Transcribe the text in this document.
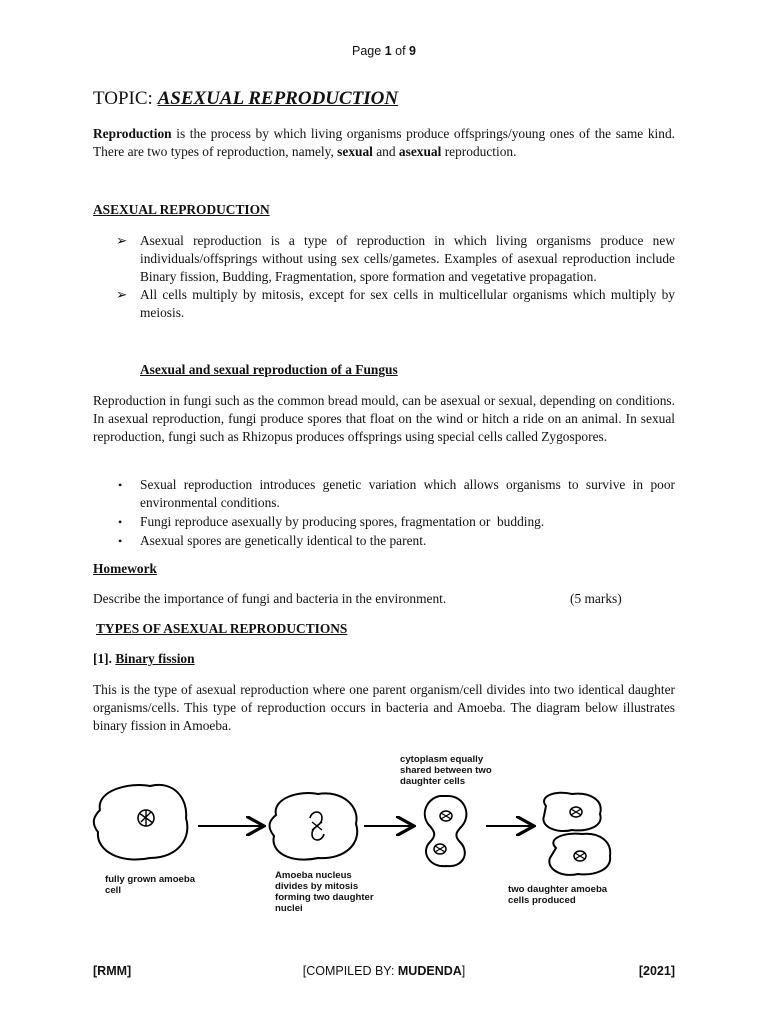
Page 1 of 9
TOPIC: ASEXUAL REPRODUCTION

Reproduction is the process by which living organisms produce offsprings/young ones of the same kind. There are two types of reproduction, namely, sexual and asexual reproduction.

ASEXUAL REPRODUCTION
➢ Asexual reproduction is a type of reproduction in which living organisms produce new individuals/offsprings without using sex cells/gametes. Examples of asexual reproduction include Binary fission, Budding, Fragmentation, spore formation and vegetative propagation.
➢ All cells multiply by mitosis, except for sex cells in multicellular organisms which multiply by meiosis.
Asexual and sexual reproduction of a Fungus

Reproduction in fungi such as the common bread mould, can be asexual or sexual, depending on conditions. In asexual reproduction, fungi produce spores that float on the wind or hitch a ride on an animal. In sexual reproduction, fungi such as Rhizopus produces offsprings using special cells called Zygospores.

• Sexual reproduction introduces genetic variation which allows organisms to survive in poor environmental conditions.
• Fungi reproduce asexually by producing spores, fragmentation or  budding.
• Asexual spores are genetically identical to the parent.
Homework
Describe the importance of fungi and bacteria in the environment.	(5 marks)
TYPES OF ASEXUAL REPRODUCTIONS
[1]. Binary fission

This is the type of asexual reproduction where one parent organism/cell divides into two identical daughter organisms/cells. This type of reproduction occurs in bacteria and Amoeba. The diagram below illustrates binary fission in Amoeba.

cytoplasm equally
shared between two
daughter cells
fully grown amoeba
cell
Amoeba nucleus
divides by mitosis
forming two daughter
nuclei
two daughter amoeba
cells produced
[RMM]	[COMPILED BY: MUDENDA]	[2021]
